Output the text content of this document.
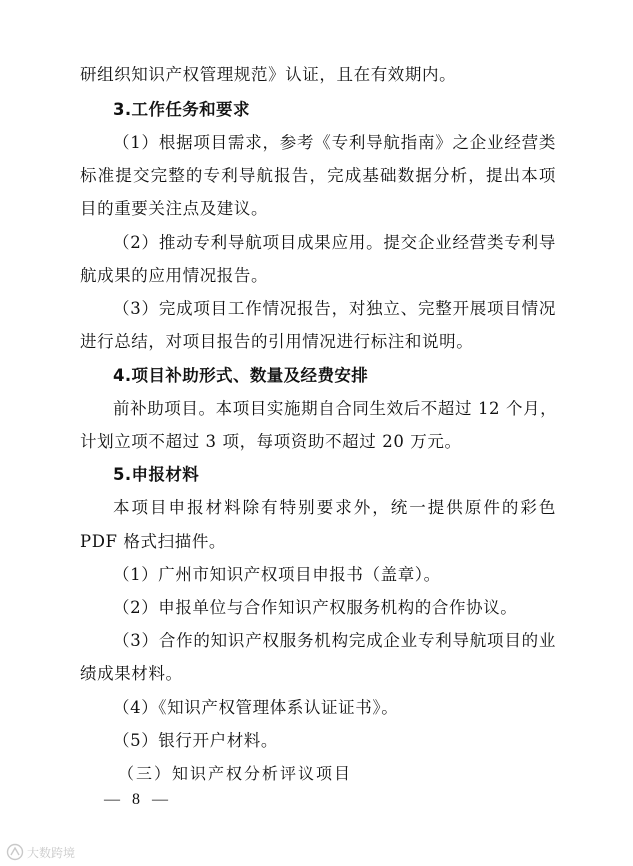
研组织知识产权管理规范》认证，且在有效期内。
3.工作任务和要求
（1）根据项目需求，参考《专利导航指南》之企业经营类
标准提交完整的专利导航报告，完成基础数据分析，提出本项
目的重要关注点及建议。
（2）推动专利导航项目成果应用。提交企业经营类专利导
航成果的应用情况报告。
（3）完成项目工作情况报告，对独立、完整开展项目情况
进行总结，对项目报告的引用情况进行标注和说明。
4.项目补助形式、数量及经费安排
前补助项目。本项目实施期自合同生效后不超过 12 个月，
计划立项不超过 3 项，每项资助不超过 20 万元。
5.申报材料
本项目申报材料除有特别要求外，统一提供原件的彩色
PDF 格式扫描件。
（1）广州市知识产权项目申报书（盖章）。
（2）申报单位与合作知识产权服务机构的合作协议。
（3）合作的知识产权服务机构完成企业专利导航项目的业
绩成果材料。
（4）《知识产权管理体系认证证书》。
（5）银行开户材料。
（三）知识产权分析评议项目
— 8 —
大数跨境
